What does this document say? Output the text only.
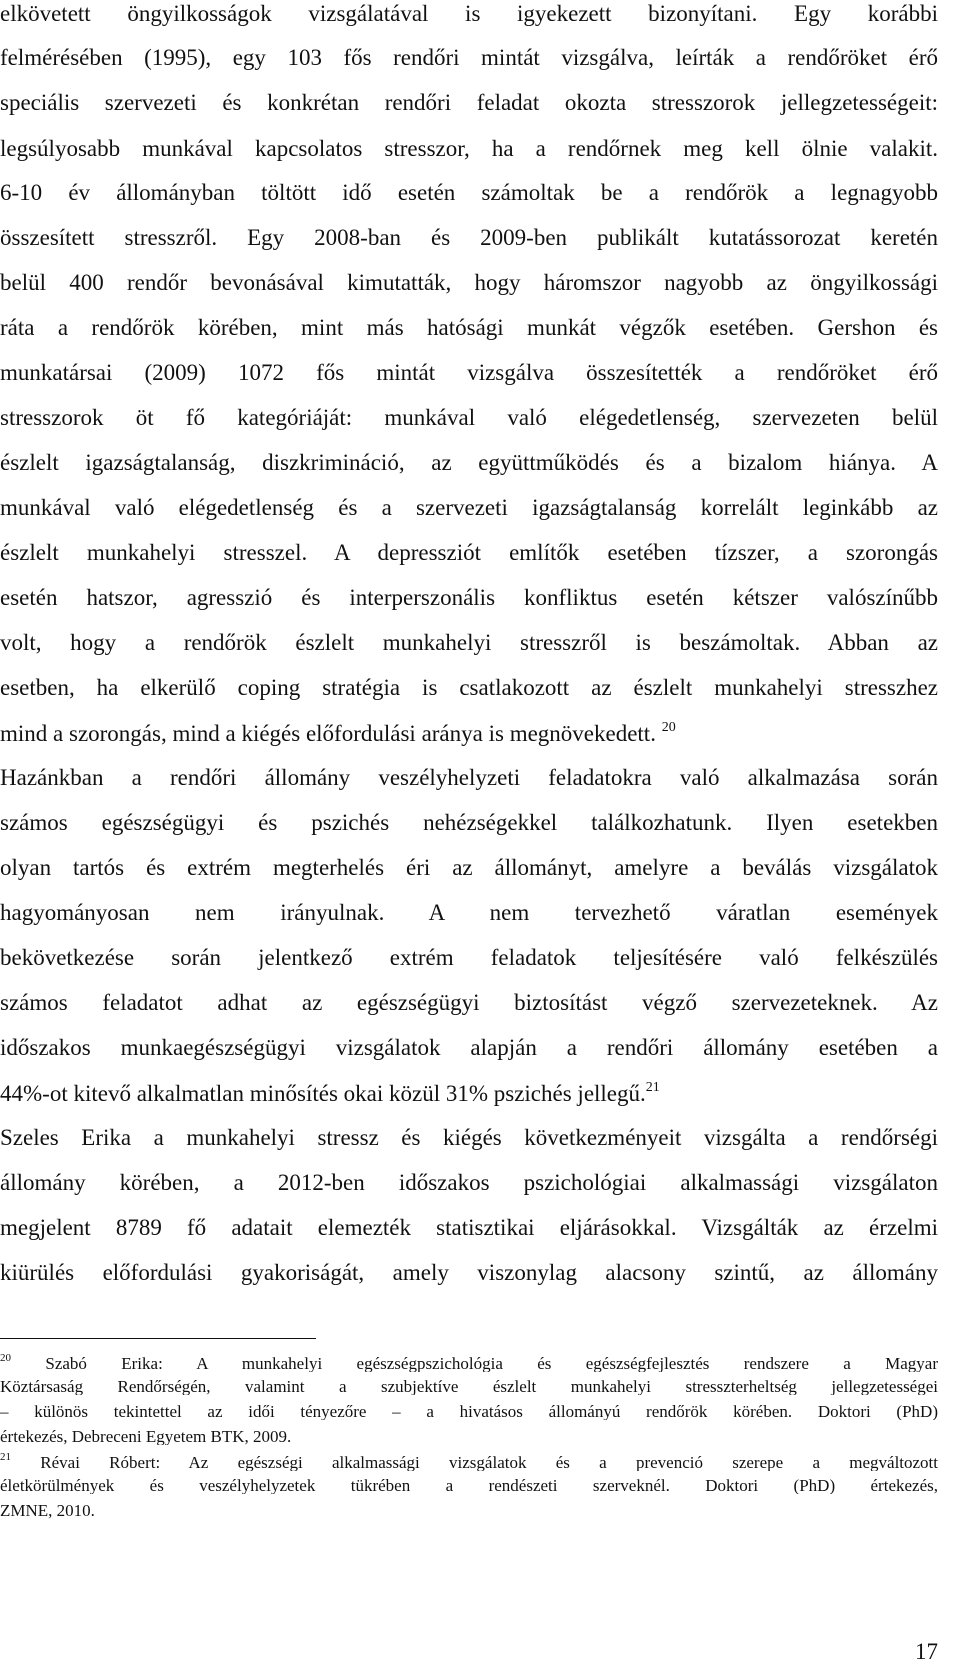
elkövetett öngyilkosságok vizsgálatával is igyekezett bizonyítani. Egy korábbi
felmérésében (1995), egy 103 fős rendőri mintát vizsgálva, leírták a rendőröket érő
speciális szervezeti és konkrétan rendőri feladat okozta stresszorok jellegzetességeit:
legsúlyosabb munkával kapcsolatos stresszor, ha a rendőrnek meg kell ölnie valakit.
6-10 év állományban töltött idő esetén számoltak be a rendőrök a legnagyobb
összesített stresszről. Egy 2008-ban és 2009-ben publikált kutatássorozat keretén
belül 400 rendőr bevonásával kimutatták, hogy háromszor nagyobb az öngyilkossági
ráta a rendőrök körében, mint más hatósági munkát végzők esetében. Gershon és
munkatársai (2009) 1072 fős mintát vizsgálva összesítették a rendőröket érő
stresszorok öt fő kategóriáját: munkával való elégedetlenség, szervezeten belül
észlelt igazságtalanság, diszkrimináció, az együttműködés és a bizalom hiánya. A
munkával való elégedetlenség és a szervezeti igazságtalanság korrelált leginkább az
észlelt munkahelyi stresszel. A depressziót említők esetében tízszer, a szorongás
esetén hatszor, agresszió és interperszonális konfliktus esetén kétszer valószínűbb
volt, hogy a rendőrök észlelt munkahelyi stresszről is beszámoltak. Abban az
esetben, ha elkerülő coping stratégia is csatlakozott az észlelt munkahelyi stresszhez
mind a szorongás, mind a kiégés előfordulási aránya is megnövekedett. $^{20}$
Hazánkban a rendőri állomány veszélyhelyzeti feladatokra való alkalmazása során
számos egészségügyi és pszichés nehézségekkel találkozhatunk. Ilyen esetekben
olyan tartós és extrém megterhelés éri az állományt, amelyre a beválás vizsgálatok
hagyományosan nem irányulnak. A nem tervezhető váratlan események
bekövetkezése során jelentkező extrém feladatok teljesítésére való felkészülés
számos feladatot adhat az egészségügyi biztosítást végző szervezeteknek. Az
időszakos munkaegészségügyi vizsgálatok alapján a rendőri állomány esetében a
44%-ot kitevő alkalmatlan minősítés okai közül 31% pszichés jellegű.$^{21}$
Szeles Erika a munkahelyi stressz és kiégés következményeit vizsgálta a rendőrségi
állomány körében, a 2012-ben időszakos pszichológiai alkalmassági vizsgálaton
megjelent 8789 fő adatait elemezték statisztikai eljárásokkal. Vizsgálták az érzelmi
kiürülés előfordulási gyakoriságát, amely viszonylag alacsony szintű, az állomány
$^{20}$ Szabó Erika: A munkahelyi egészségpszichológia és egészségfejlesztés rendszere a Magyar
Köztársaság Rendőrségén, valamint a szubjektíve észlelt munkahelyi stresszterheltség jellegzetességei
– különös tekintettel az idői tényezőre – a hivatásos állományú rendőrök körében. Doktori (PhD)
értekezés, Debreceni Egyetem BTK, 2009.
$^{21}$ Révai Róbert: Az egészségi alkalmassági vizsgálatok és a prevenció szerepe a megváltozott
életkörülmények és veszélyhelyzetek tükrében a rendészeti szerveknél. Doktori (PhD) értekezés,
ZMNE, 2010.
17
